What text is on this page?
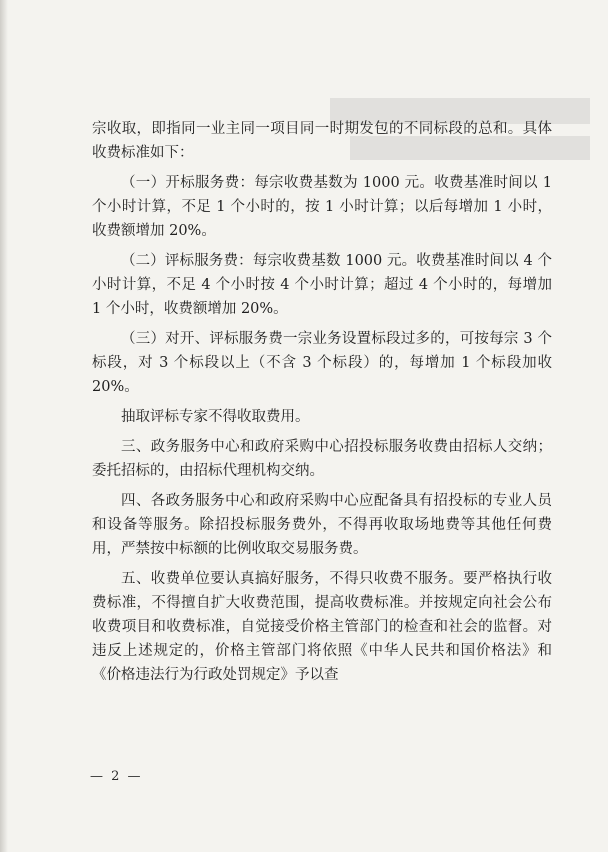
宗收取，即指同一业主同一项目同一时期发包的不同标段的总和。具体收费标准如下：

（一）开标服务费：每宗收费基数为 1000 元。收费基准时间以 1 个小时计算，不足 1 个小时的，按 1 小时计算；以后每增加 1 小时，收费额增加 20%。

（二）评标服务费：每宗收费基数 1000 元。收费基准时间以 4 个小时计算，不足 4 个小时按 4 个小时计算；超过 4 个小时的，每增加 1 个小时，收费额增加 20%。

（三）对开、评标服务费一宗业务设置标段过多的，可按每宗 3 个标段，对 3 个标段以上（不含 3 个标段）的，每增加 1 个标段加收 20%。

抽取评标专家不得收取费用。

三、政务服务中心和政府采购中心招投标服务收费由招标人交纳；委托招标的，由招标代理机构交纳。

四、各政务服务中心和政府采购中心应配备具有招投标的专业人员和设备等服务。除招投标服务费外，不得再收取场地费等其他任何费用，严禁按中标额的比例收取交易服务费。

五、收费单位要认真搞好服务，不得只收费不服务。要严格执行收费标准，不得擅自扩大收费范围，提高收费标准。并按规定向社会公布收费项目和收费标准，自觉接受价格主管部门的检查和社会的监督。对违反上述规定的，价格主管部门将依照《中华人民共和国价格法》和《价格违法行为行政处罚规定》予以查

— 2 —
